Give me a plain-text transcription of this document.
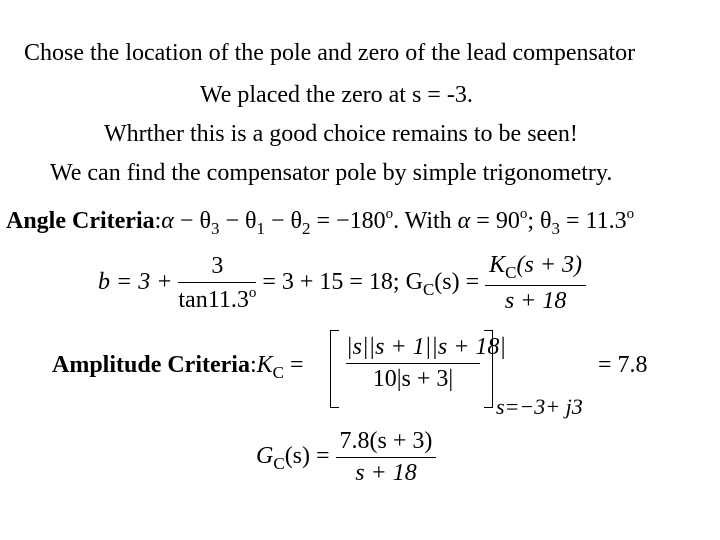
Chose the location of the pole and zero of the lead compensator
We placed the zero at s = -3.
Whrther this is a good choice remains to be seen!
We can find the compensator pole by simple trigonometry.
Angle Criteria:α − $\theta_3 - \theta_1 - \theta_2 = -180^o$. With $\alpha = 90^o$; $\theta_3 = 11.3^o$
$b = 3 + \frac{3}{\tan 11.3^o} = 3 + 15 = 18$; $G_C(s) = \frac{K_C(s + 3)}{s + 18}$
Amplitude $Criteria:K_C = \frac{|s||s + 1||s + 18|}{10|s + 3|}$
s=−3+ j3
= 7.8
$G_C(s) = \frac{7.8(s + 3)}{s + 18}$
